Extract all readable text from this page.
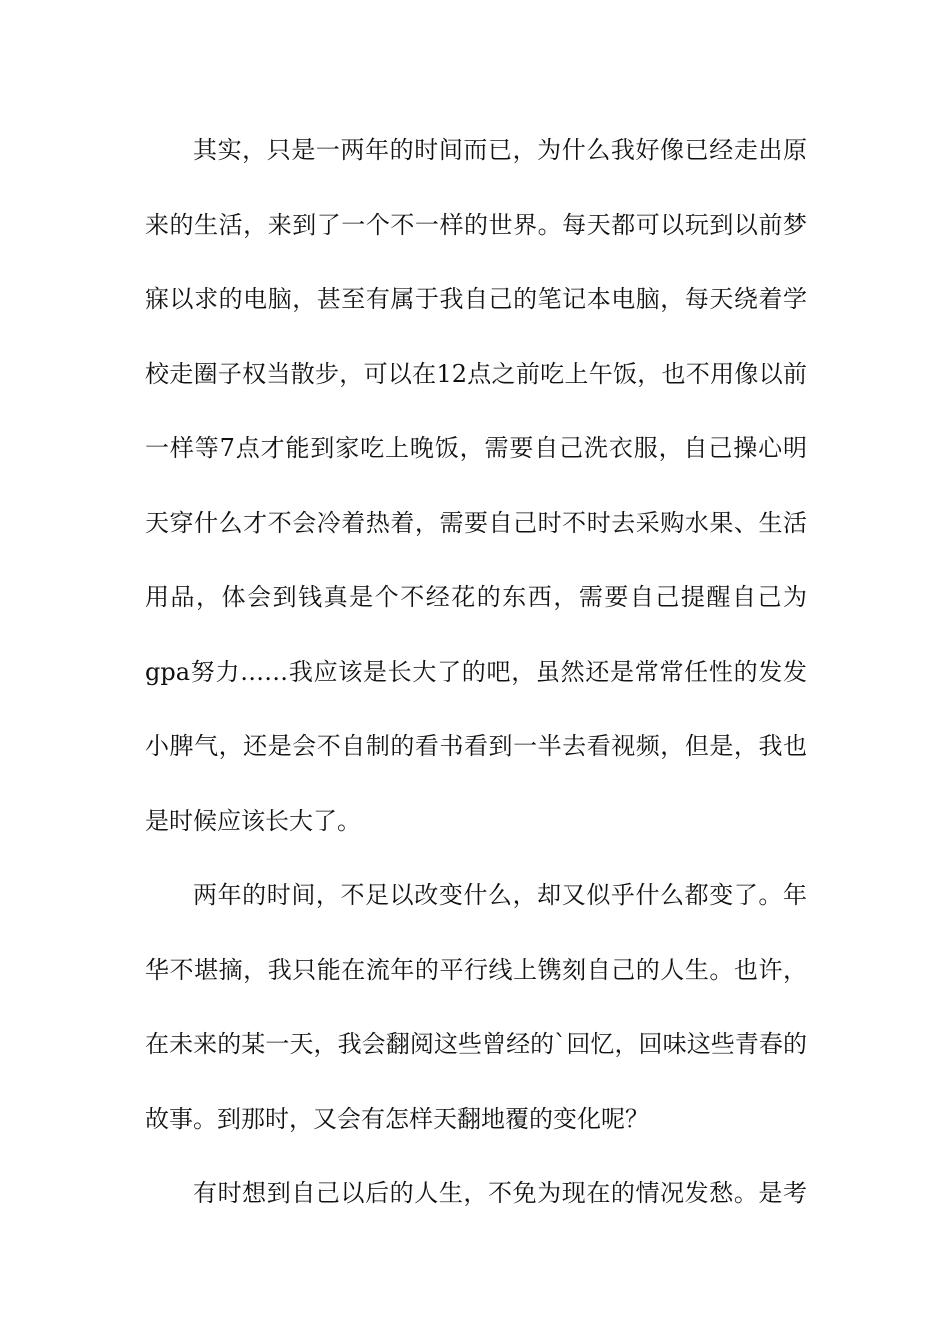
其实，只是一两年的时间而已，为什么我好像已经走出原
来的生活，来到了一个不一样的世界。每天都可以玩到以前梦
寐以求的电脑，甚至有属于我自己的笔记本电脑，每天绕着学
校走圈子权当散步，可以在12点之前吃上午饭，也不用像以前
一样等7点才能到家吃上晚饭，需要自己洗衣服，自己操心明
天穿什么才不会冷着热着，需要自己时不时去采购水果、生活
用品，体会到钱真是个不经花的东西，需要自己提醒自己为
gpa努力……我应该是长大了的吧，虽然还是常常任性的发发
小脾气，还是会不自制的看书看到一半去看视频，但是，我也
是时候应该长大了。
两年的时间，不足以改变什么，却又似乎什么都变了。年
华不堪摘，我只能在流年的平行线上镌刻自己的人生。也许，
在未来的某一天，我会翻阅这些曾经的`回忆，回味这些青春的
故事。到那时，又会有怎样天翻地覆的变化呢？
有时想到自己以后的人生，不免为现在的情况发愁。是考
